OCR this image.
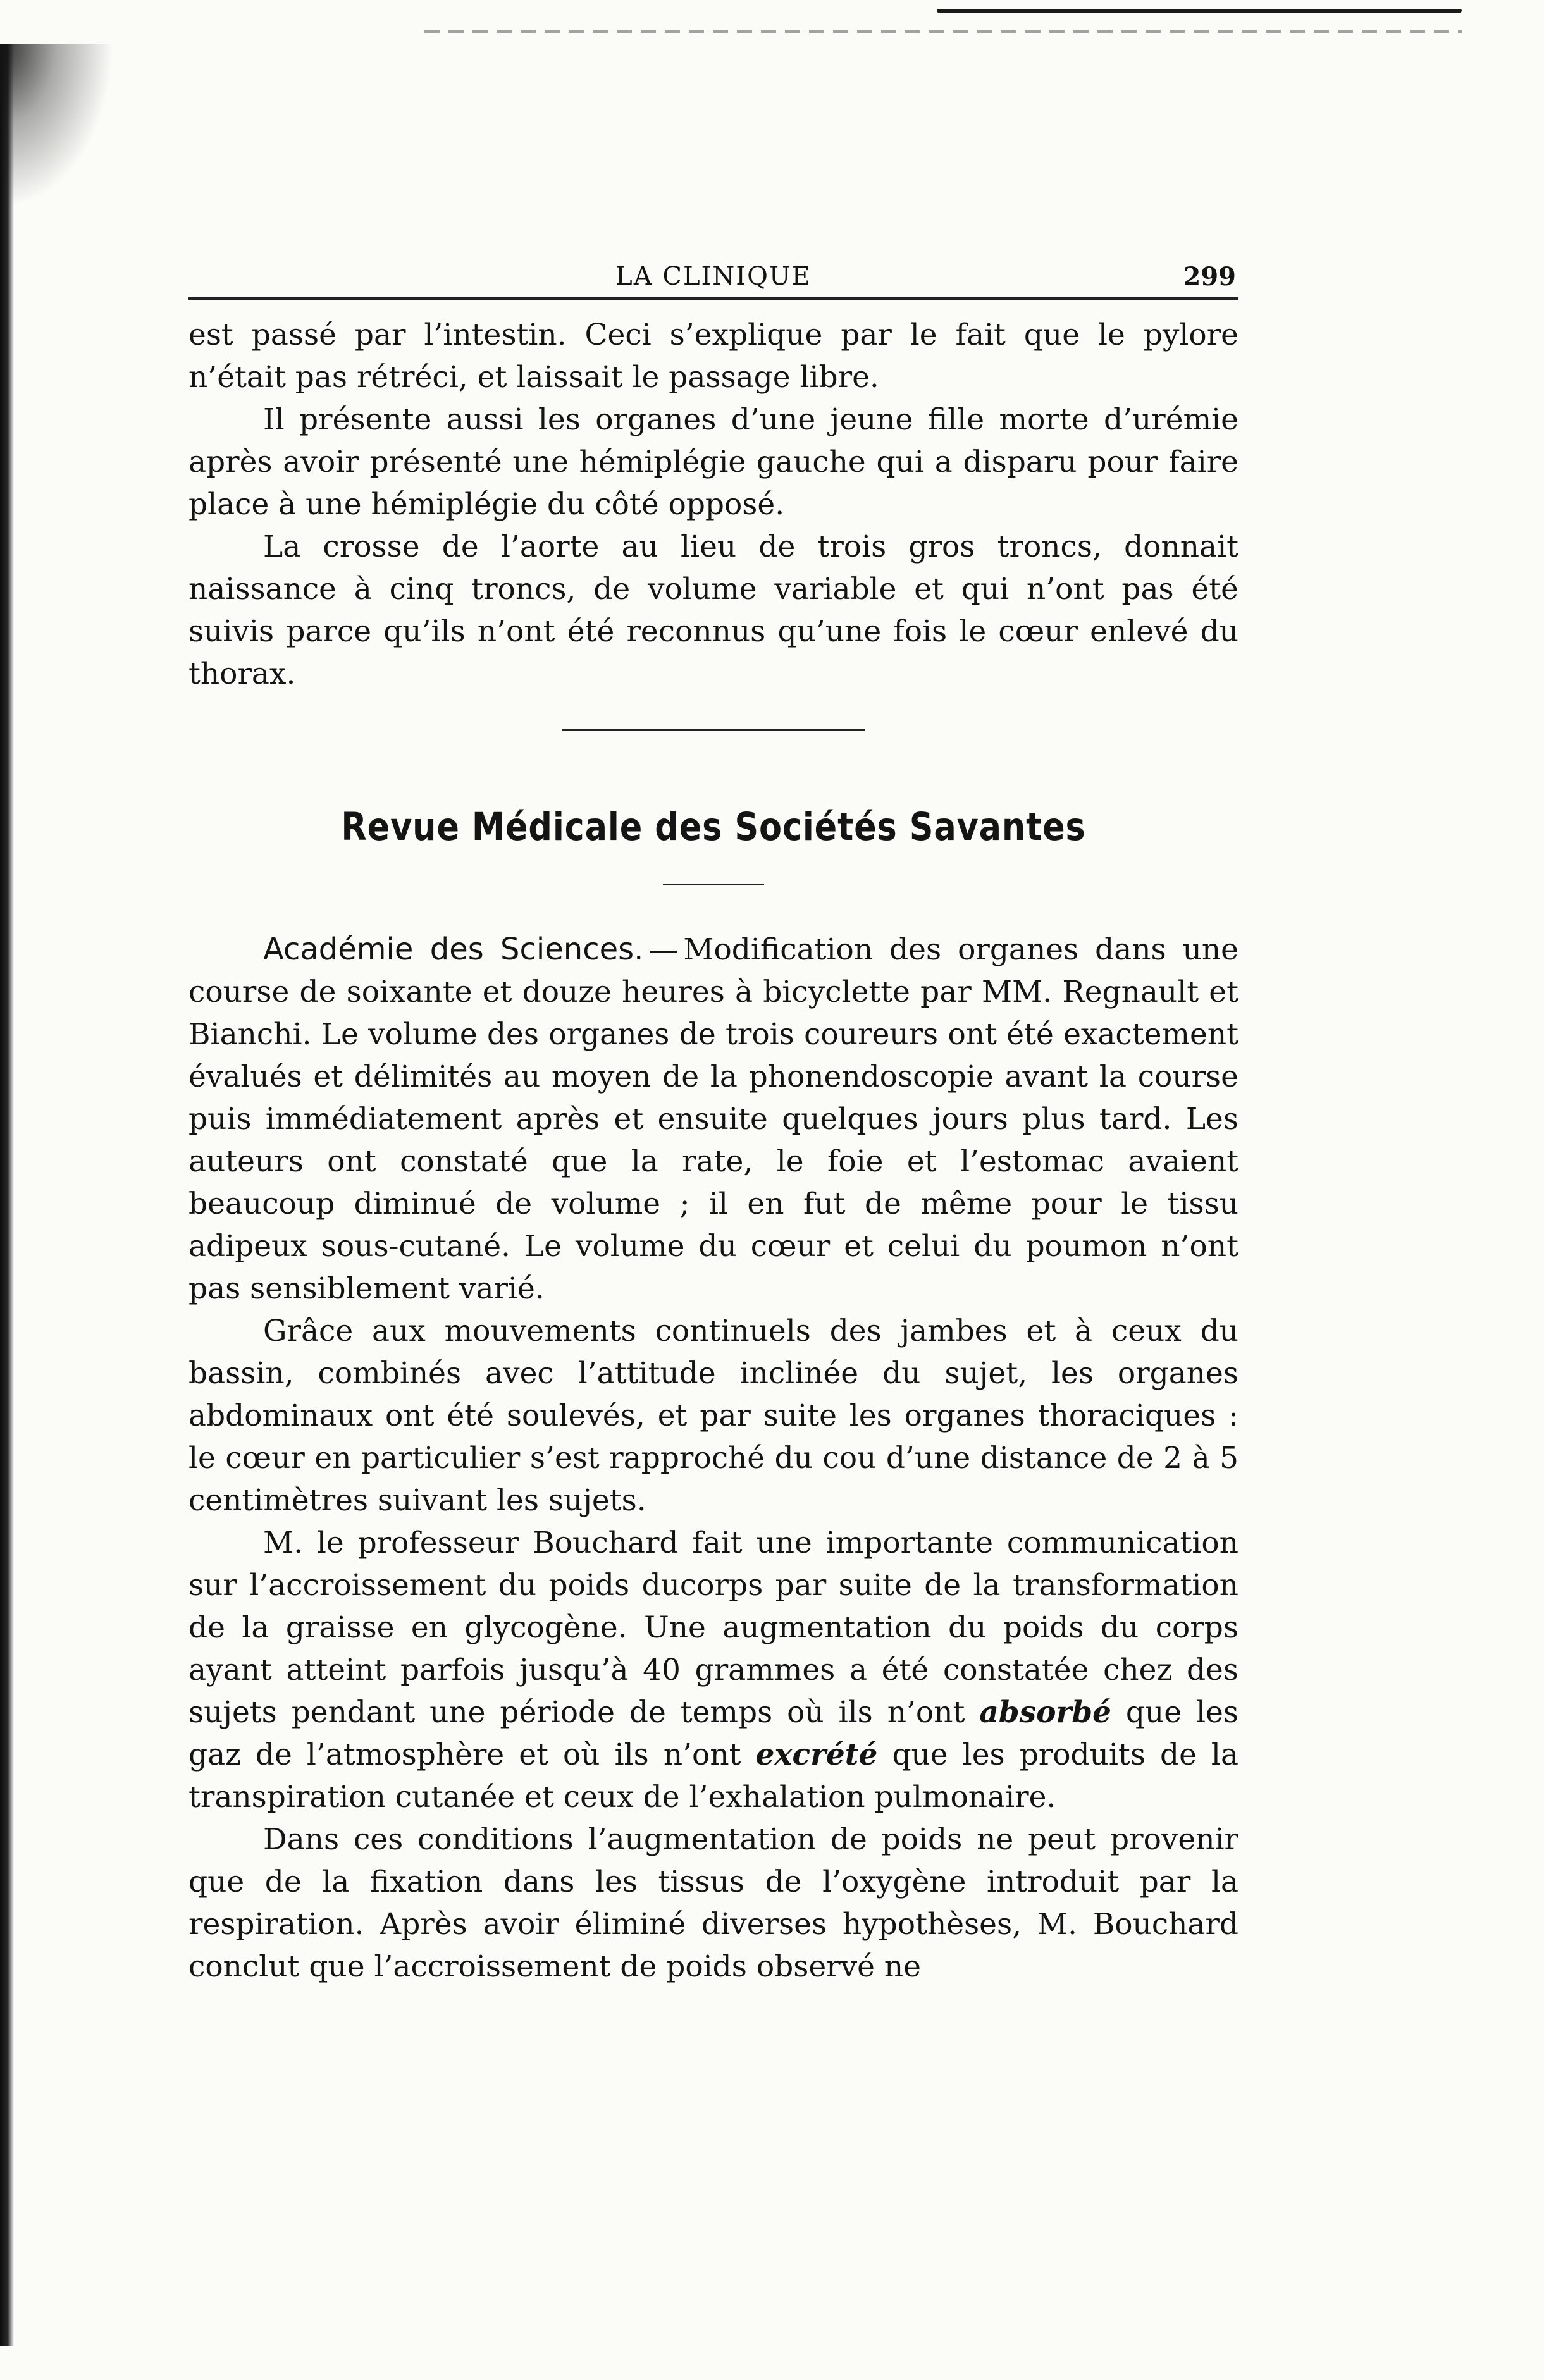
LA CLINIQUE	299

est passé par l’intestin. Ceci s’explique par le fait que le pylore n’était pas rétréci, et laissait le passage libre.

Il présente aussi les organes d’une jeune fille morte d’urémie après avoir présenté une hémiplégie gauche qui a disparu pour faire place à une hémiplégie du côté opposé.

La crosse de l’aorte au lieu de trois gros troncs, donnait naissance à cinq troncs, de volume variable et qui n’ont pas été suivis parce qu’ils n’ont été reconnus qu’une fois le cœur enlevé du thorax.

Revue Médicale des Sociétés Savantes

Académie des Sciences. — Modification des organes dans une course de soixante et douze heures à bicyclette par MM. Regnault et Bianchi. Le volume des organes de trois coureurs ont été exactement évalués et délimités au moyen de la phonendoscopie avant la course puis immédiatement après et ensuite quelques jours plus tard. Les auteurs ont constaté que la rate, le foie et l’estomac avaient beaucoup diminué de volume ; il en fut de même pour le tissu adipeux sous-cutané. Le volume du cœur et celui du poumon n’ont pas sensiblement varié.

Grâce aux mouvements continuels des jambes et à ceux du bassin, combinés avec l’attitude inclinée du sujet, les organes abdominaux ont été soulevés, et par suite les organes thoraciques : le cœur en particulier s’est rapproché du cou d’une distance de 2 à 5 centimètres suivant les sujets.

M. le professeur Bouchard fait une importante communication sur l’accroissement du poids ducorps par suite de la transformation de la graisse en glycogène. Une augmentation du poids du corps ayant atteint parfois jusqu’à 40 grammes a été constatée chez des sujets pendant une période de temps où ils n’ont absorbé que les gaz de l’atmosphère et où ils n’ont excrété que les produits de la transpiration cutanée et ceux de l’exhalation pulmonaire.

Dans ces conditions l’augmentation de poids ne peut provenir que de la fixation dans les tissus de l’oxygène introduit par la respiration. Après avoir éliminé diverses hypothèses, M. Bouchard conclut que l’accroissement de poids observé ne
